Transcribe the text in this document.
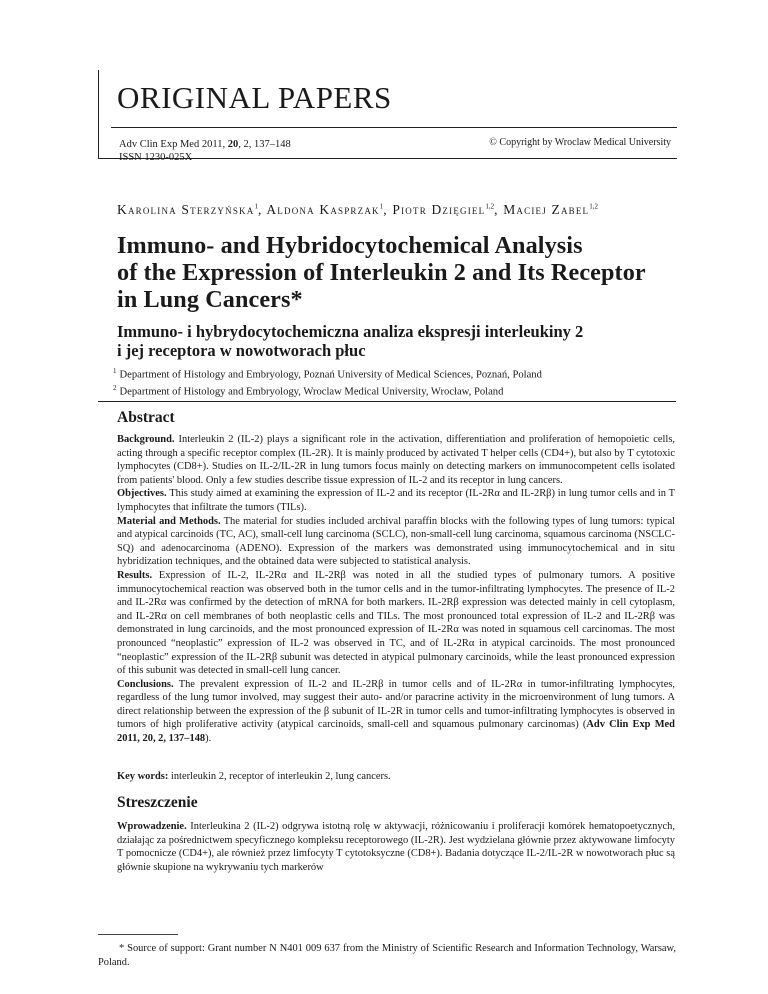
ORIGINAL PAPERS
Adv Clin Exp Med 2011, 20, 2, 137–148
ISSN 1230-025X
© Copyright by Wroclaw Medical University
Karolina Sterzyńska$^1$, Aldona Kasprzak$^1$, Piotr Dzięgiel$^{1,2}$, Maciej Zabel$^{1,2}$
Immuno- and Hybridocytochemical Analysis
of the Expression of Interleukin 2 and Its Receptor
in Lung Cancers*
Immuno- i hybrydocytochemiczna analiza ekspresji interleukiny 2
i jej receptora w nowotworach płuc
$^1$ Department of Histology and Embryology, Poznań University of Medical Sciences, Poznań, Poland
$^2$ Department of Histology and Embryology, Wroclaw Medical University, Wrocław, Poland
Abstract

Background. Interleukin 2 (IL-2) plays a significant role in the activation, differentiation and proliferation of hemopoietic cells, acting through a specific receptor complex (IL-2R). It is mainly produced by activated T helper cells (CD4+), but also by T cytotoxic lymphocytes (CD8+). Studies on IL-2/IL-2R in lung tumors focus mainly on detecting markers on immunocompetent cells isolated from patients' blood. Only a few studies describe tissue expression of IL-2 and its receptor in lung cancers.

Objectives. This study aimed at examining the expression of IL-2 and its receptor (IL-2Rα and IL-2Rβ) in lung tumor cells and in T lymphocytes that infiltrate the tumors (TILs).

Material and Methods. The material for studies included archival paraffin blocks with the following types of lung tumors: typical and atypical carcinoids (TC, AC), small-cell lung carcinoma (SCLC), non-small-cell lung carcinoma, squamous carcinoma (NSCLC-SQ) and adenocarcinoma (ADENO). Expression of the markers was demonstrated using immunocytochemical and in situ hybridization techniques, and the obtained data were subjected to statistical analysis.

Results. Expression of IL-2, IL-2Rα and IL-2Rβ was noted in all the studied types of pulmonary tumors. A positive immunocytochemical reaction was observed both in the tumor cells and in the tumor-infiltrating lymphocytes. The presence of IL-2 and IL-2Rα was confirmed by the detection of mRNA for both markers. IL-2Rβ expression was detected mainly in cell cytoplasm, and IL-2Rα on cell membranes of both neoplastic cells and TILs. The most pronounced total expression of IL-2 and IL-2Rβ was demonstrated in lung carcinoids, and the most pronounced expression of IL-2Rα was noted in squamous cell carcinomas. The most pronounced “neoplastic” expression of IL-2 was observed in TC, and of IL-2Rα in atypical carcinoids. The most pronounced “neoplastic” expression of the IL-2Rβ subunit was detected in atypical pulmonary carcinoids, while the least pronounced expression of this subunit was detected in small-cell lung cancer.

Conclusions. The prevalent expression of IL-2 and IL-2Rβ in tumor cells and of IL-2Rα in tumor-infiltrating lymphocytes, regardless of the lung tumor involved, may suggest their auto- and/or paracrine activity in the microenvironment of lung tumors. A direct relationship between the expression of the β subunit of IL-2R in tumor cells and tumor-infiltrating lymphocytes is observed in tumors of high proliferative activity (atypical carcinoids, small-cell and squamous pulmonary carcinomas) (Adv Clin Exp Med 2011, 20, 2, 137–148).

Key words: interleukin 2, receptor of interleukin 2, lung cancers.

Streszczenie

Wprowadzenie. Interleukina 2 (IL-2) odgrywa istotną rolę w aktywacji, różnicowaniu i proliferacji komórek hematopoetycznych, działając za pośrednictwem specyficznego kompleksu receptorowego (IL-2R). Jest wydzielana głównie przez aktywowane limfocyty T pomocnicze (CD4+), ale również przez limfocyty T cytotoksyczne (CD8+). Badania dotyczące IL-2/IL-2R w nowotworach płuc są głównie skupione na wykrywaniu tych markerów

* Source of support: Grant number N N401 009 637 from the Ministry of Scientific Research and Information Technology, Warsaw, Poland.
